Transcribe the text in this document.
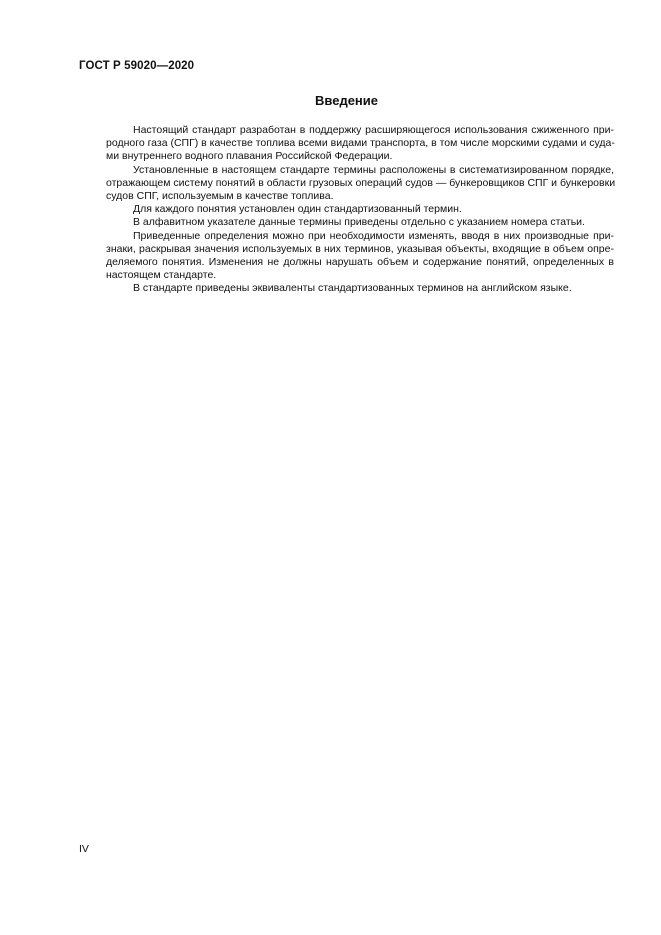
ГОСТ Р 59020—2020
Введение
Настоящий стандарт разработан в поддержку расширяющегося использования сжиженного при-
родного газа (СПГ) в качестве топлива всеми видами транспорта, в том числе морскими судами и суда-
ми внутреннего водного плавания Российской Федерации.
Установленные в настоящем стандарте термины расположены в систематизированном порядке,
отражающем систему понятий в области грузовых операций судов — бункеровщиков СПГ и бункеровки
судов СПГ, используемым в качестве топлива.
Для каждого понятия установлен один стандартизованный термин.
В алфавитном указателе данные термины приведены отдельно с указанием номера статьи.
Приведенные определения можно при необходимости изменять, вводя в них производные при-
знаки, раскрывая значения используемых в них терминов, указывая объекты, входящие в объем опре-
деляемого понятия. Изменения не должны нарушать объем и содержание понятий, определенных в
настоящем стандарте.
В стандарте приведены эквиваленты стандартизованных терминов на английском языке.
IV
